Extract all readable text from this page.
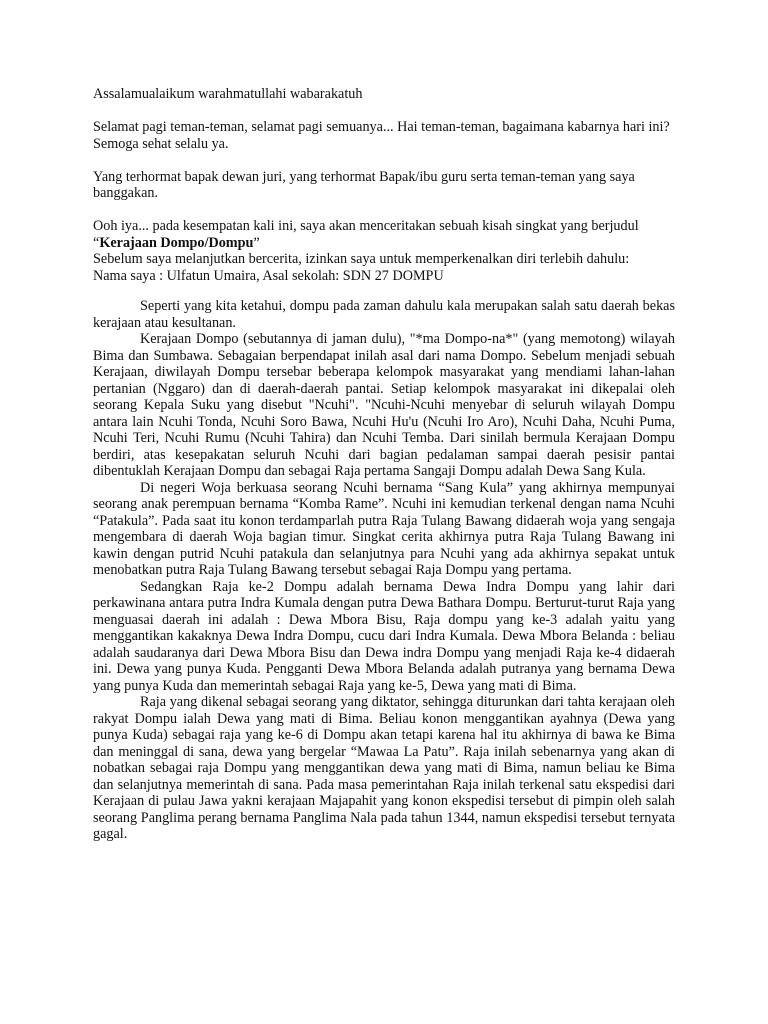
Assalamualaikum warahmatullahi wabarakatuh

Selamat pagi teman-teman, selamat pagi semuanya... Hai teman-teman, bagaimana kabarnya hari ini? Semoga sehat selalu ya.

Yang terhormat bapak dewan juri, yang terhormat Bapak/ibu guru serta teman-teman yang saya banggakan.

Ooh iya... pada kesempatan kali ini, saya akan menceritakan sebuah kisah singkat yang berjudul “Kerajaan Dompo/Dompu”

Sebelum saya melanjutkan bercerita, izinkan saya untuk memperkenalkan diri terlebih dahulu:

Nama saya : Ulfatun Umaira, Asal sekolah: SDN 27 DOMPU

Seperti yang kita ketahui, dompu pada zaman dahulu kala merupakan salah satu daerah bekas kerajaan atau kesultanan.

Kerajaan Dompo (sebutannya di jaman dulu), "*ma Dompo-na*" (yang memotong) wilayah Bima dan Sumbawa. Sebagaian berpendapat inilah asal dari nama Dompo. Sebelum menjadi sebuah Kerajaan, diwilayah Dompu tersebar beberapa kelompok masyarakat yang mendiami lahan-lahan pertanian (Nggaro) dan di daerah-daerah pantai. Setiap kelompok masyarakat ini dikepalai oleh seorang Kepala Suku yang disebut "Ncuhi". "Ncuhi-Ncuhi menyebar di seluruh wilayah Dompu antara lain Ncuhi Tonda, Ncuhi Soro Bawa, Ncuhi Hu'u (Ncuhi Iro Aro), Ncuhi Daha, Ncuhi Puma, Ncuhi Teri, Ncuhi Rumu (Ncuhi Tahira) dan Ncuhi Temba. Dari sinilah bermula Kerajaan Dompu berdiri, atas kesepakatan seluruh Ncuhi dari bagian pedalaman sampai daerah pesisir pantai dibentuklah Kerajaan Dompu dan sebagai Raja pertama Sangaji Dompu adalah Dewa Sang Kula.

Di negeri Woja berkuasa seorang Ncuhi bernama “Sang Kula” yang akhirnya mempunyai seorang anak perempuan bernama “Komba Rame”. Ncuhi ini kemudian terkenal dengan nama Ncuhi “Patakula”. Pada saat itu konon terdamparlah putra Raja Tulang Bawang didaerah woja yang sengaja mengembara di daerah Woja bagian timur. Singkat cerita akhirnya putra Raja Tulang Bawang ini kawin dengan putrid Ncuhi patakula dan selanjutnya para Ncuhi yang ada akhirnya sepakat untuk menobatkan putra Raja Tulang Bawang tersebut sebagai Raja Dompu yang pertama.

Sedangkan Raja ke-2 Dompu adalah bernama Dewa Indra Dompu yang lahir dari perkawinana antara putra Indra Kumala dengan putra Dewa Bathara Dompu. Berturut-turut Raja yang menguasai daerah ini adalah : Dewa Mbora Bisu, Raja dompu yang ke-3 adalah yaitu yang menggantikan kakaknya Dewa Indra Dompu, cucu dari Indra Kumala. Dewa Mbora Belanda : beliau adalah saudaranya dari Dewa Mbora Bisu dan Dewa indra Dompu yang menjadi Raja ke-4 didaerah ini. Dewa yang punya Kuda. Pengganti Dewa Mbora Belanda adalah putranya yang bernama Dewa yang punya Kuda dan memerintah sebagai Raja yang ke-5, Dewa yang mati di Bima.

Raja yang dikenal sebagai seorang yang diktator, sehingga diturunkan dari tahta kerajaan oleh rakyat Dompu ialah Dewa yang mati di Bima. Beliau konon menggantikan ayahnya (Dewa yang punya Kuda) sebagai raja yang ke-6 di Dompu akan tetapi karena hal itu akhirnya di bawa ke Bima dan meninggal di sana, dewa yang bergelar “Mawaa La Patu”. Raja inilah sebenarnya yang akan di nobatkan sebagai raja Dompu yang menggantikan dewa yang mati di Bima, namun beliau ke Bima dan selanjutnya memerintah di sana. Pada masa pemerintahan Raja inilah terkenal satu ekspedisi dari Kerajaan di pulau Jawa yakni kerajaan Majapahit yang konon ekspedisi tersebut di pimpin oleh salah seorang Panglima perang bernama Panglima Nala pada tahun 1344, namun ekspedisi tersebut ternyata gagal.
